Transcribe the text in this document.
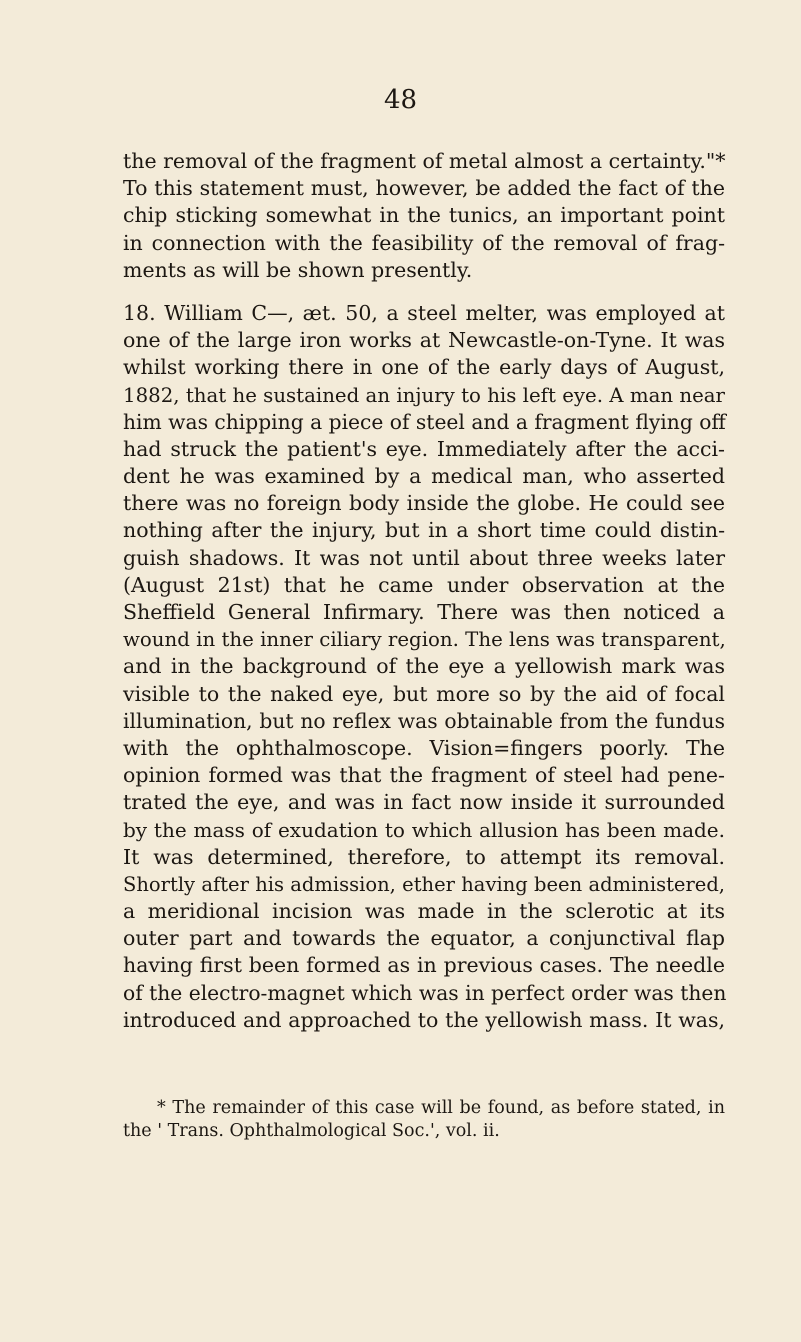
48
the removal of the fragment of metal almost a certainty."*
To this statement must, however, be added the fact of the
chip sticking somewhat in the tunics, an important point
in connection with the feasibility of the removal of frag-
ments as will be shown presently.
18. William C—, æt. 50, a steel melter, was employed at
one of the large iron works at Newcastle-on-Tyne. It was
whilst working there in one of the early days of August,
1882, that he sustained an injury to his left eye. A man near
him was chipping a piece of steel and a fragment flying off
had struck the patient's eye. Immediately after the acci-
dent he was examined by a medical man, who asserted
there was no foreign body inside the globe. He could see
nothing after the injury, but in a short time could distin-
guish shadows. It was not until about three weeks later
(August 21st) that he came under observation at the
Sheffield General Infirmary. There was then noticed a
wound in the inner ciliary region. The lens was transparent,
and in the background of the eye a yellowish mark was
visible to the naked eye, but more so by the aid of focal
illumination, but no reflex was obtainable from the fundus
with the ophthalmoscope. Vision=fingers poorly. The
opinion formed was that the fragment of steel had pene-
trated the eye, and was in fact now inside it surrounded
by the mass of exudation to which allusion has been made.
It was determined, therefore, to attempt its removal.
Shortly after his admission, ether having been administered,
a meridional incision was made in the sclerotic at its
outer part and towards the equator, a conjunctival flap
having first been formed as in previous cases. The needle
of the electro-magnet which was in perfect order was then
introduced and approached to the yellowish mass. It was,
* The remainder of this case will be found, as before stated, in
the ' Trans. Ophthalmological Soc.', vol. ii.
